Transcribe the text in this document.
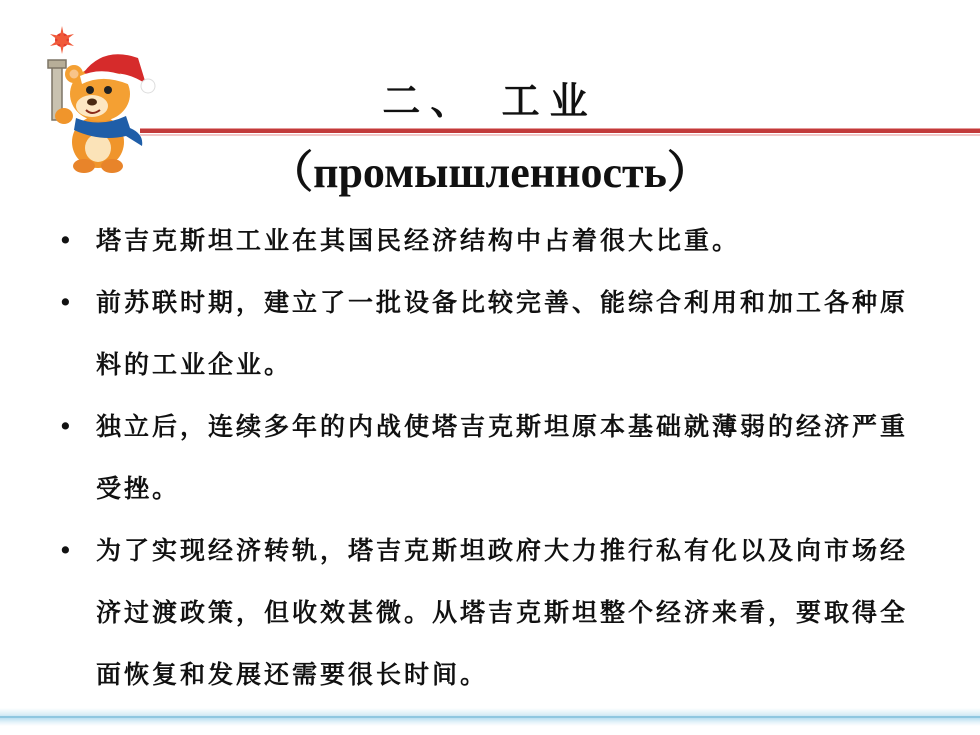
二、 工业
（промышленность）
• 塔吉克斯坦工业在其国民经济结构中占着很大比重。
• 前苏联时期，建立了一批设备比较完善、能综合利用和加工各种原料的工业企业。
• 独立后，连续多年的内战使塔吉克斯坦原本基础就薄弱的经济严重受挫。
• 为了实现经济转轨，塔吉克斯坦政府大力推行私有化以及向市场经济过渡政策，但收效甚微。从塔吉克斯坦整个经济来看，要取得全面恢复和发展还需要很长时间。
